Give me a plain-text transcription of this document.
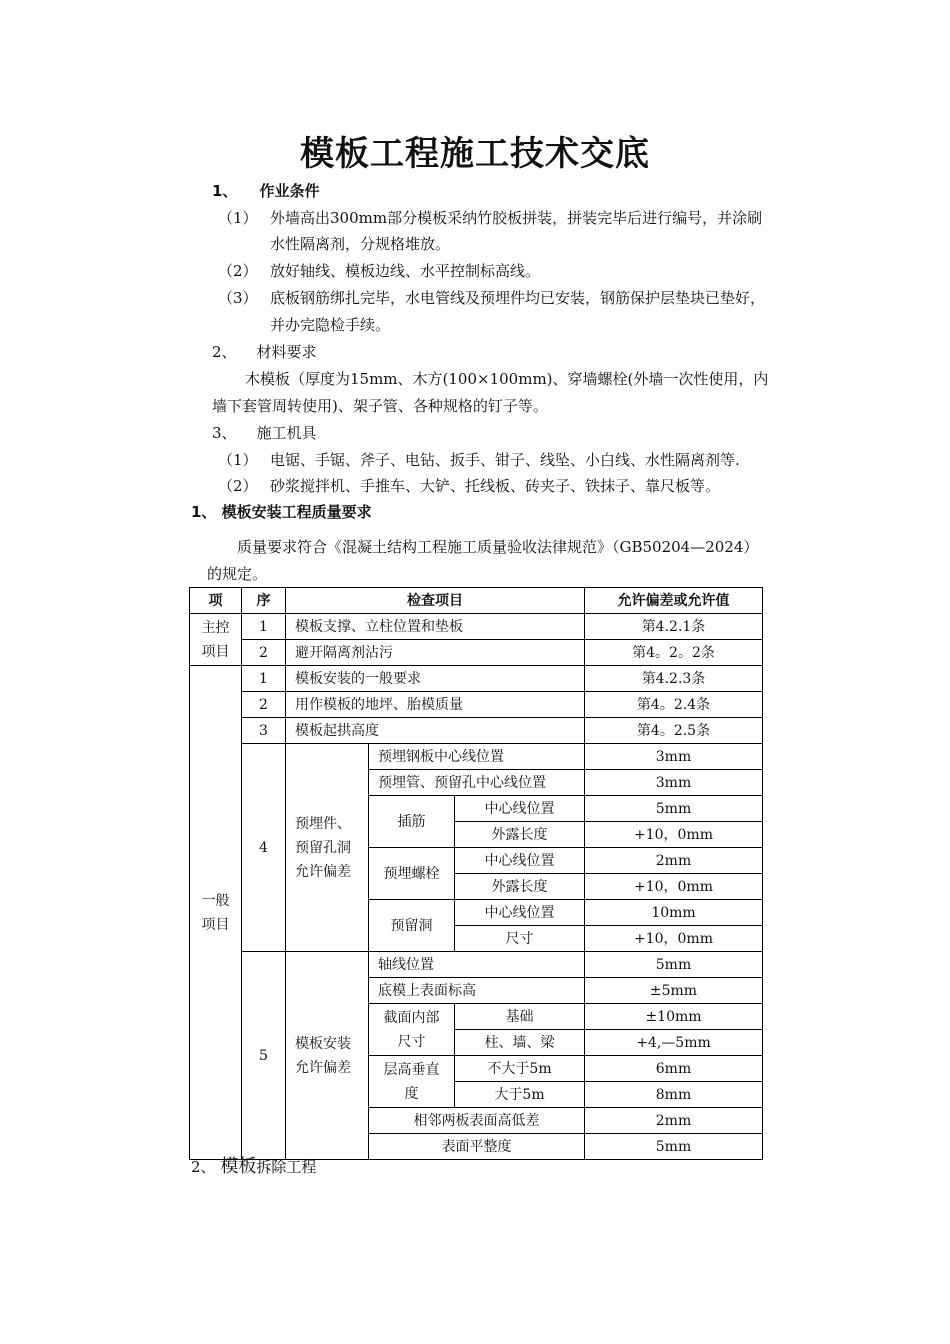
模板工程施工技术交底
1、 作业条件
（1） 外墙高出300mm部分模板采纳竹胶板拼装，拼装完毕后进行编号，并涂刷
水性隔离剂，分规格堆放。
（2） 放好轴线、模板边线、水平控制标高线。
（3） 底板钢筋绑扎完毕，水电管线及预埋件均已安装，钢筋保护层垫块已垫好，
并办完隐检手续。
2、 材料要求
木模板（厚度为15mm、木方(100×100mm)、穿墙螺栓(外墙一次性使用，内
墙下套管周转使用)、架子管、各种规格的钉子等。
3、 施工机具
（1） 电锯、手锯、斧子、电钻、扳手、钳子、线坠、小白线、水性隔离剂等.
（2） 砂浆搅拌机、手推车、大铲、托线板、砖夹子、铁抹子、靠尺板等。
1、 模板安装工程质量要求
质量要求符合《混凝土结构工程施工质量验收法律规范》（GB50204—2024）
的规定。
项	序	检查项目			允许偏差或允许值

主控项目	1	模板支撑、立柱位置和垫板			第4.2.1条
	2	避开隔离剂沾污			第4。2。2条

一般项目	1	模板安装的一般要求			第4.2.3条
	2	用作模板的地坪、胎模质量			第4。2.4条
	3	模板起拱高度			第4。2.5条
	4	预埋件、预留孔洞允许偏差	预埋钢板中心线位置		3mm
			预埋管、预留孔中心线位置		3mm
			插筋	中心线位置	5mm
				外露长度	+10，0mm
			预埋螺栓	中心线位置	2mm
				外露长度	+10，0mm
			预留洞	中心线位置	10mm
				尺寸	+10，0mm
	5	模板安装允许偏差	轴线位置		5mm
			底模上表面标高		±5mm

			截面内部尺寸	基础	±10mm
				柱、墙、梁	+4,—5mm

			层高垂直度	不大于5m	6mm
				大于5m	8mm
			相邻两板表面高低差		2mm
			表面平整度		5mm
2、 模板拆除工程
